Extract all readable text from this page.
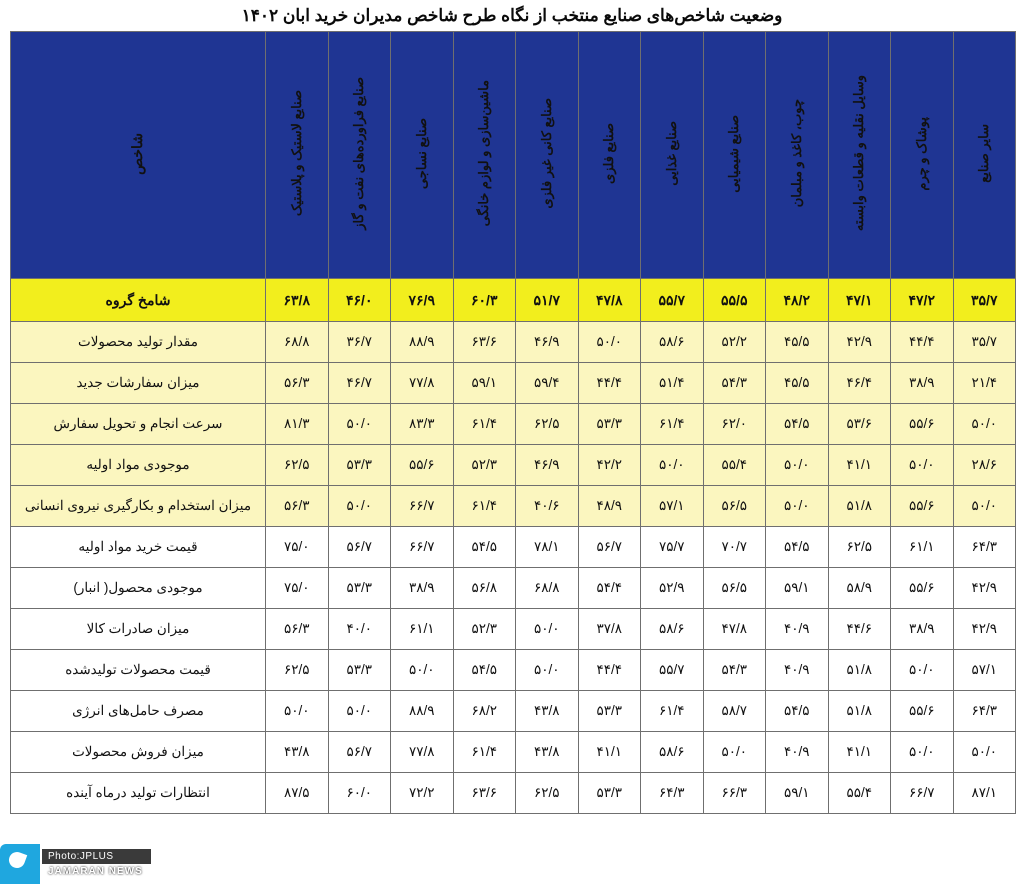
وضعیت شاخص‌های صنایع منتخب از نگاه طرح شاخص مدیران خرید ابان ۱۴۰۲
سایر صنایع	پوشاک و چرم	وسایل نقلیه و قطعات وابسته	چوب، کاغذ و مبلمان	صنایع شیمیایی	صنایع غذایی	صنایع فلزی	صنایع کانی غیر فلزی	ماشین‌سازی و لوازم خانگی	صنایع نساجی	صنایع فراورده‌های نفت و گاز	صنایع لاستیک و پلاستیک	شاخص
۳۵/۷	۴۷/۲	۴۷/۱	۴۸/۲	۵۵/۵	۵۵/۷	۴۷/۸	۵۱/۷	۶۰/۳	۷۶/۹	۴۶/۰	۶۳/۸	شامخ گروه
۳۵/۷	۴۴/۴	۴۲/۹	۴۵/۵	۵۲/۲	۵۸/۶	۵۰/۰	۴۶/۹	۶۳/۶	۸۸/۹	۳۶/۷	۶۸/۸	مقدار تولید محصولات
۲۱/۴	۳۸/۹	۴۶/۴	۴۵/۵	۵۴/۳	۵۱/۴	۴۴/۴	۵۹/۴	۵۹/۱	۷۷/۸	۴۶/۷	۵۶/۳	میزان سفارشات جدید
۵۰/۰	۵۵/۶	۵۳/۶	۵۴/۵	۶۲/۰	۶۱/۴	۵۳/۳	۶۲/۵	۶۱/۴	۸۳/۳	۵۰/۰	۸۱/۳	سرعت انجام و تحویل سفارش
۲۸/۶	۵۰/۰	۴۱/۱	۵۰/۰	۵۵/۴	۵۰/۰	۴۲/۲	۴۶/۹	۵۲/۳	۵۵/۶	۵۳/۳	۶۲/۵	موجودی مواد اولیه
۵۰/۰	۵۵/۶	۵۱/۸	۵۰/۰	۵۶/۵	۵۷/۱	۴۸/۹	۴۰/۶	۶۱/۴	۶۶/۷	۵۰/۰	۵۶/۳	میزان استخدام و بکارگیری نیروی انسانی
۶۴/۳	۶۱/۱	۶۲/۵	۵۴/۵	۷۰/۷	۷۵/۷	۵۶/۷	۷۸/۱	۵۴/۵	۶۶/۷	۵۶/۷	۷۵/۰	قیمت خرید مواد اولیه
۴۲/۹	۵۵/۶	۵۸/۹	۵۹/۱	۵۶/۵	۵۲/۹	۵۴/۴	۶۸/۸	۵۶/۸	۳۸/۹	۵۳/۳	۷۵/۰	موجودی محصول( انبار)
۴۲/۹	۳۸/۹	۴۴/۶	۴۰/۹	۴۷/۸	۵۸/۶	۳۷/۸	۵۰/۰	۵۲/۳	۶۱/۱	۴۰/۰	۵۶/۳	میزان صادرات کالا
۵۷/۱	۵۰/۰	۵۱/۸	۴۰/۹	۵۴/۳	۵۵/۷	۴۴/۴	۵۰/۰	۵۴/۵	۵۰/۰	۵۳/۳	۶۲/۵	قیمت محصولات تولیدشده
۶۴/۳	۵۵/۶	۵۱/۸	۵۴/۵	۵۸/۷	۶۱/۴	۵۳/۳	۴۳/۸	۶۸/۲	۸۸/۹	۵۰/۰	۵۰/۰	مصرف حامل‌های انرژی
۵۰/۰	۵۰/۰	۴۱/۱	۴۰/۹	۵۰/۰	۵۸/۶	۴۱/۱	۴۳/۸	۶۱/۴	۷۷/۸	۵۶/۷	۴۳/۸	میزان فروش محصولات
۸۷/۱	۶۶/۷	۵۵/۴	۵۹/۱	۶۶/۳	۶۴/۳	۵۳/۳	۶۲/۵	۶۳/۶	۷۲/۲	۶۰/۰	۸۷/۵	انتظارات تولید درماه آینده
Photo:JPLUS
JAMARAN NEWS
